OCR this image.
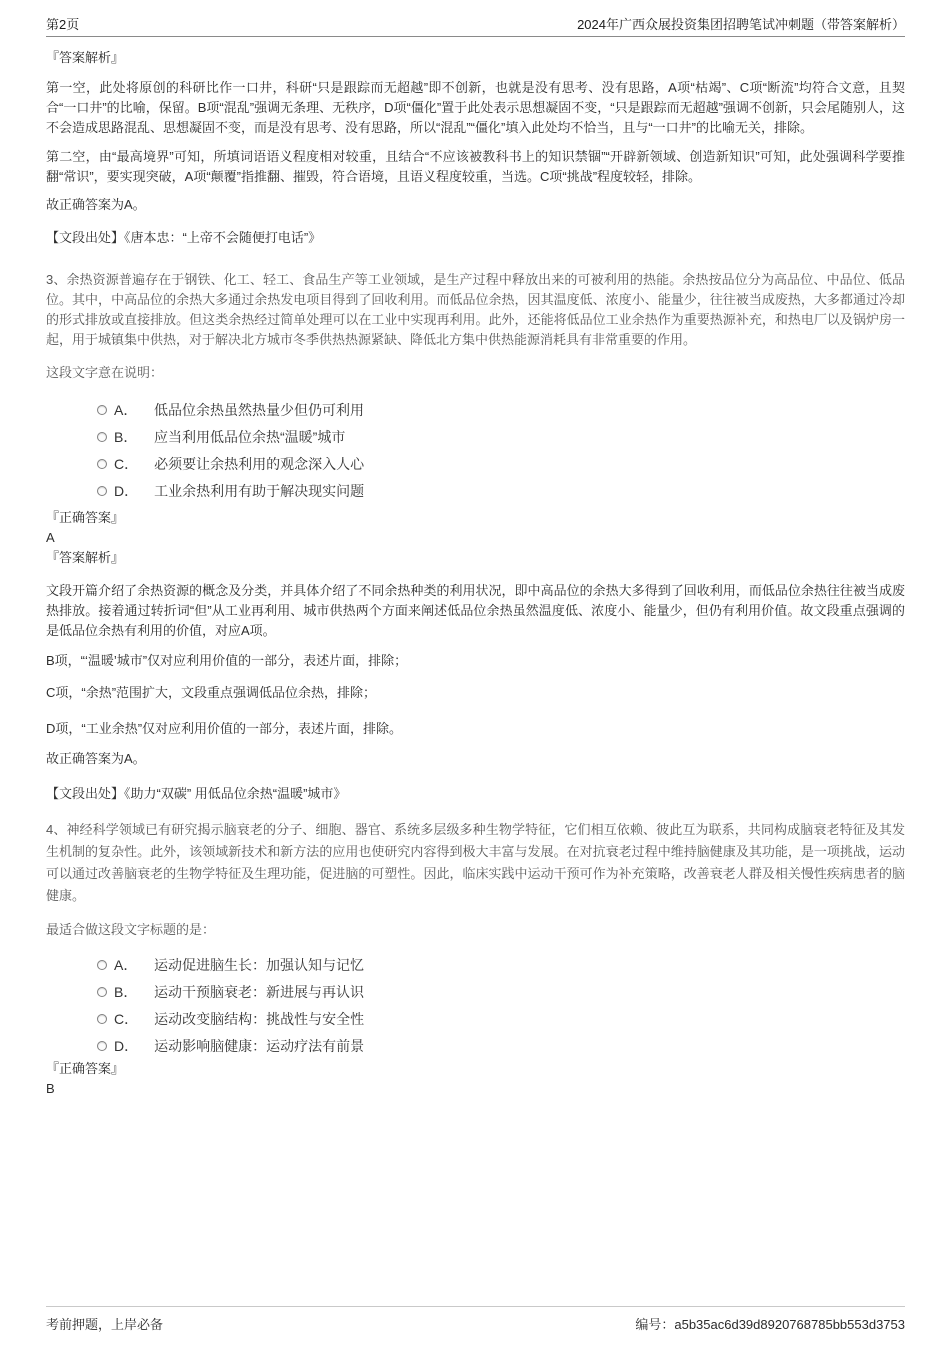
第2页	2024年广西众展投资集团招聘笔试冲刺题（带答案解析）
『答案解析』
第一空，此处将原创的科研比作一口井，科研“只是跟踪而无超越”即不创新，也就是没有思考、没有思路，A项“枯竭”、C项“断流”均符合文意，且契合“一口井”的比喻，保留。B项“混乱”强调无条理、无秩序，D项“僵化”置于此处表示思想凝固不变，“只是跟踪而无超越”强调不创新，只会尾随别人，这不会造成思路混乱、思想凝固不变，而是没有思考、没有思路，所以“混乱”“僵化”填入此处均不恰当，且与“一口井”的比喻无关，排除。
第二空，由“最高境界”可知，所填词语语义程度相对较重，且结合“不应该被教科书上的知识禁锢”“开辟新领域、创造新知识”可知，此处强调科学要推翻“常识”，要实现突破，A项“颠覆”指推翻、摧毁，符合语境，且语义程度较重，当选。C项“挑战”程度较轻，排除。
故正确答案为A。
【文段出处】《唐本忠：“上帝不会随便打电话”》
3、余热资源普遍存在于钢铁、化工、轻工、食品生产等工业领域，是生产过程中释放出来的可被利用的热能。余热按品位分为高品位、中品位、低品位。其中，中高品位的余热大多通过余热发电项目得到了回收利用。而低品位余热，因其温度低、浓度小、能量少，往往被当成废热，大多都通过冷却的形式排放或直接排放。但这类余热经过简单处理可以在工业中实现再利用。此外，还能将低品位工业余热作为重要热源补充，和热电厂以及锅炉房一起，用于城镇集中供热，对于解决北方城市冬季供热热源紧缺、降低北方集中供热能源消耗具有非常重要的作用。
这段文字意在说明：
A． 低品位余热虽然热量少但仍可利用
B． 应当利用低品位余热“温暖”城市
C． 必须要让余热利用的观念深入人心
D． 工业余热利用有助于解决现实问题
『正确答案』
A
『答案解析』
文段开篇介绍了余热资源的概念及分类，并具体介绍了不同余热种类的利用状况，即中高品位的余热大多得到了回收利用，而低品位余热往往被当成废热排放。接着通过转折词“但”从工业再利用、城市供热两个方面来阐述低品位余热虽然温度低、浓度小、能量少，但仍有利用价值。故文段重点强调的是低品位余热有利用的价值，对应A项。
B项，“‘温暖’城市”仅对应利用价值的一部分，表述片面，排除；
C项，“余热”范围扩大，文段重点强调低品位余热，排除；
D项，“工业余热”仅对应利用价值的一部分，表述片面，排除。
故正确答案为A。
【文段出处】《助力“双碳” 用低品位余热“温暖”城市》
4、神经科学领域已有研究揭示脑衰老的分子、细胞、器官、系统多层级多种生物学特征，它们相互依赖、彼此互为联系，共同构成脑衰老特征及其发生机制的复杂性。此外，该领域新技术和新方法的应用也使研究内容得到极大丰富与发展。在对抗衰老过程中维持脑健康及其功能，是一项挑战，运动可以通过改善脑衰老的生物学特征及生理功能，促进脑的可塑性。因此，临床实践中运动干预可作为补充策略，改善衰老人群及相关慢性疾病患者的脑健康。
最适合做这段文字标题的是：
A． 运动促进脑生长：加强认知与记忆
B． 运动干预脑衰老：新进展与再认识
C． 运动改变脑结构：挑战性与安全性
D． 运动影响脑健康：运动疗法有前景
『正确答案』
B
考前押题，上岸必备	编号：a5b35ac6d39d8920768785bb553d3753
